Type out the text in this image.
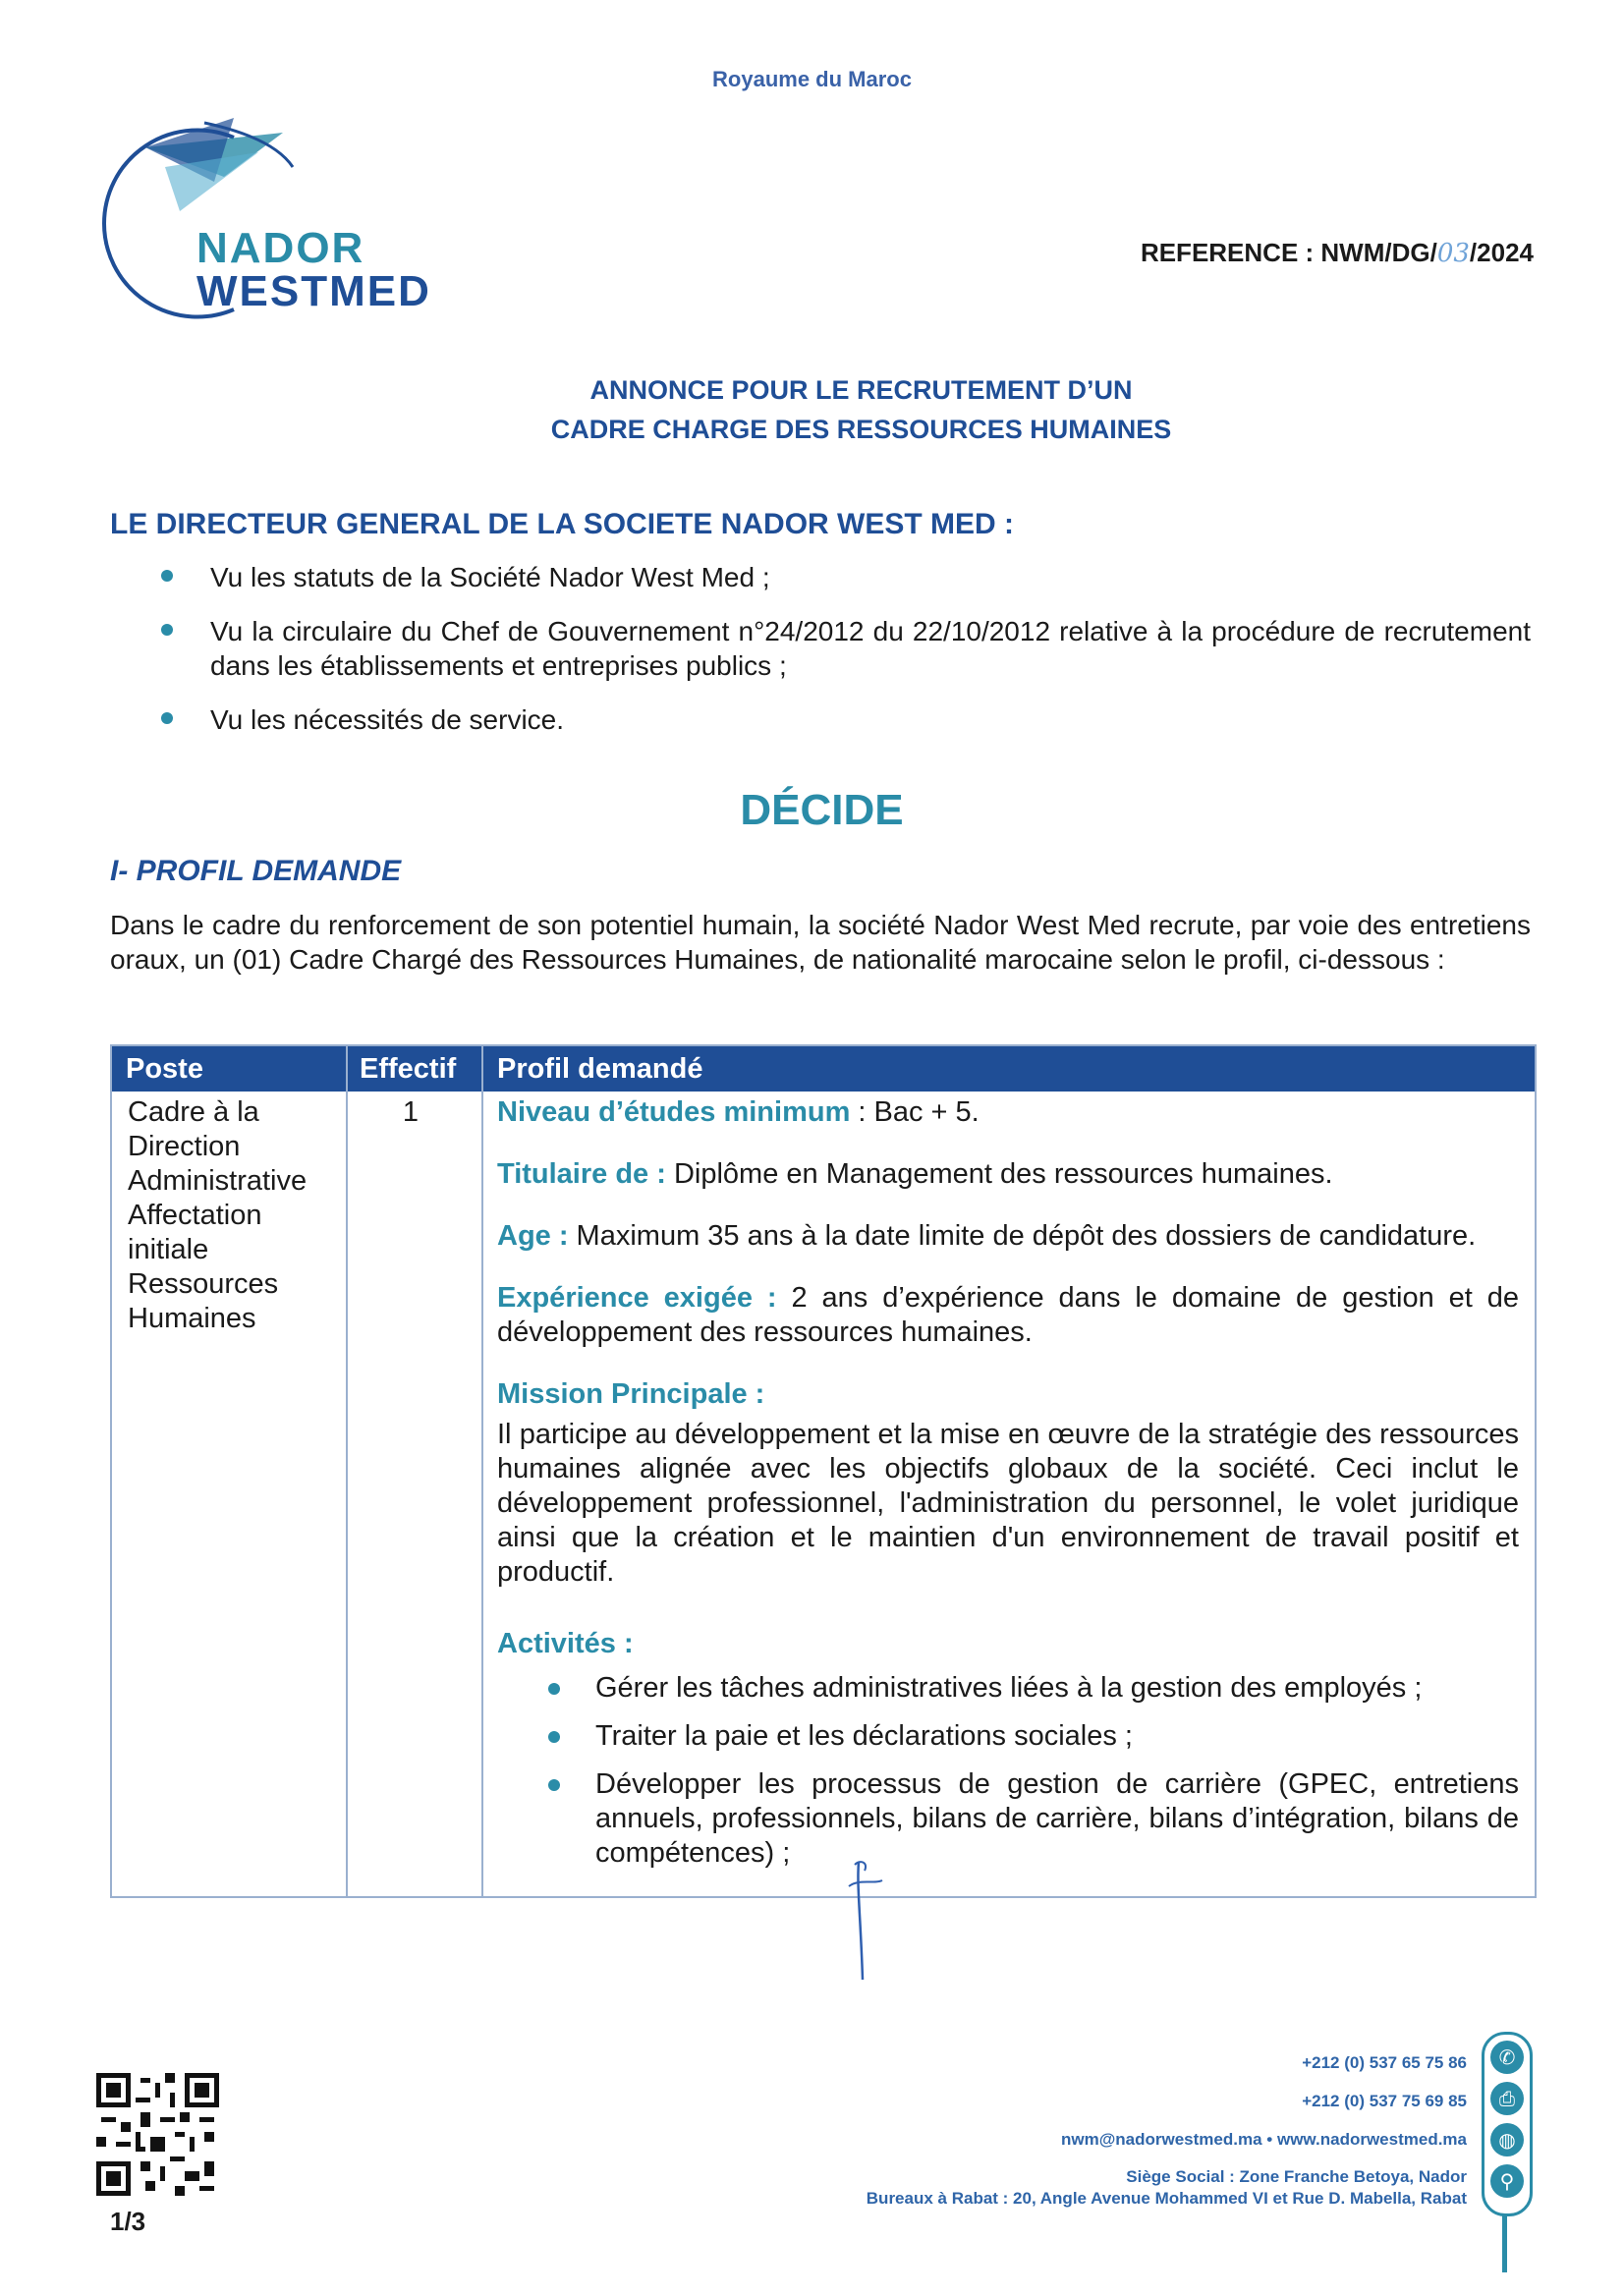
Royaume du Maroc
NADOR
WESTMED
REFERENCE : NWM/DG/03/2024
ANNONCE POUR LE RECRUTEMENT D’UN
CADRE CHARGE DES RESSOURCES HUMAINES
LE DIRECTEUR GENERAL DE LA SOCIETE NADOR WEST MED :
Vu les statuts de la Société Nador West Med ;
Vu la circulaire du Chef de Gouvernement n°24/2012 du 22/10/2012 relative à la procédure de recrutement dans les établissements et entreprises publics ;
Vu les nécessités de service.
DÉCIDE
I- PROFIL DEMANDE
Dans le cadre du renforcement de son potentiel humain, la société Nador West Med recrute, par voie des entretiens oraux, un (01) Cadre Chargé des Ressources Humaines, de nationalité marocaine selon le profil, ci-dessous :
Poste	Effectif Profil demandé
Cadre à la
Direction
Administrative
Affectation
initiale
Ressources
Humaines
1	Niveau d’études minimum : Bac + 5.

Titulaire de : Diplôme en Management des ressources humaines.

Age : Maximum 35 ans à la date limite de dépôt des dossiers de candidature.

Expérience exigée : 2 ans d’expérience dans le domaine de gestion et de développement des ressources humaines.

Mission Principale :

Il participe au développement et la mise en œuvre de la stratégie des ressources humaines alignée avec les objectifs globaux de la société. Ceci inclut le développement professionnel, l'administration du personnel, le volet juridique ainsi que la création et le maintien d'un environnement de travail positif et productif.

Activités :
Gérer les tâches administratives liées à la gestion des employés ;
Traiter la paie et les déclarations sociales ;
Développer les processus de gestion de carrière (GPEC, entretiens annuels, professionnels, bilans de carrière, bilans d’intégration, bilans de compétences) ;
1/3
+212 (0) 537 65 75 86
+212 (0) 537 75 69 85
nwm@nadorwestmed.ma • www.nadorwestmed.ma
Siège Social : Zone Franche Betoya, Nador
Bureaux à Rabat : 20, Angle Avenue Mohammed VI et Rue D. Mabella, Rabat
✆
⎙
◍
⚲
